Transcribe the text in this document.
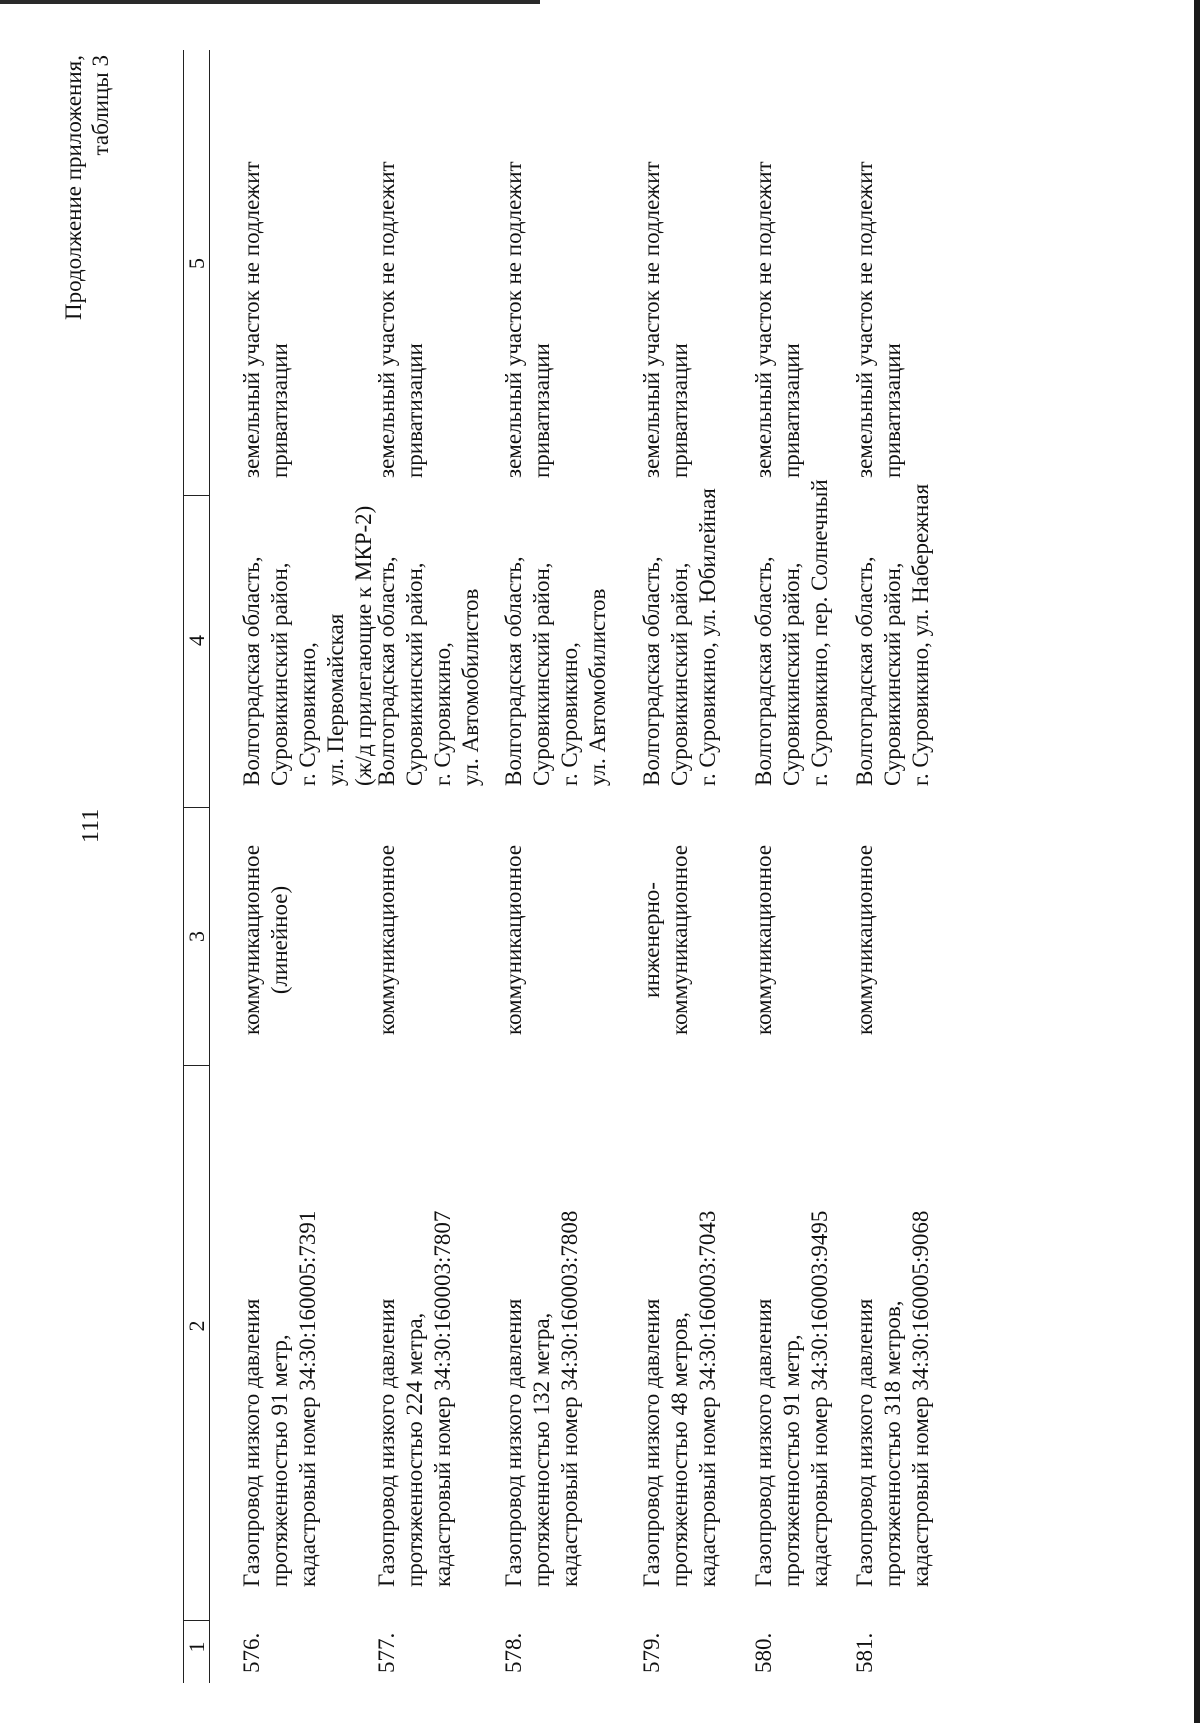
111
Продолжение приложения, таблицы 3
1
2
3
4
5
576.
Газопровод низкого давления протяженностью 91 метр, кадастровый номер 34:30:160005:7391
коммуникационное (линейное)
Волгоградская область, Суровикинский район, г. Суровикино, ул. Первомайская (ж/д прилегающие к МКР-2)
земельный участок не подлежит приватизации
577.
Газопровод низкого давления протяженностью 224 метра, кадастровый номер 34:30:160003:7807
коммуникационное
Волгоградская область, Суровикинский район, г. Суровикино, ул. Автомобилистов
земельный участок не подлежит приватизации
578.
Газопровод низкого давления протяженностью 132 метра, кадастровый номер 34:30:160003:7808
коммуникационное
Волгоградская область, Суровикинский район, г. Суровикино, ул. Автомобилистов
земельный участок не подлежит приватизации
579.
Газопровод низкого давления протяженностью 48 метров, кадастровый номер 34:30:160003:7043
инженерно- коммуникационное
Волгоградская область, Суровикинский район, г. Суровикино, ул. Юбилейная
земельный участок не подлежит приватизации
580.
Газопровод низкого давления протяженностью 91 метр, кадастровый номер 34:30:160003:9495
коммуникационное
Волгоградская область, Суровикинский район, г. Суровикино, пер. Солнечный
земельный участок не подлежит приватизации
581.
Газопровод низкого давления протяженностью 318 метров, кадастровый номер 34:30:160005:9068
коммуникационное
Волгоградская область, Суровикинский район, г. Суровикино, ул. Набережная
земельный участок не подлежит приватизации
